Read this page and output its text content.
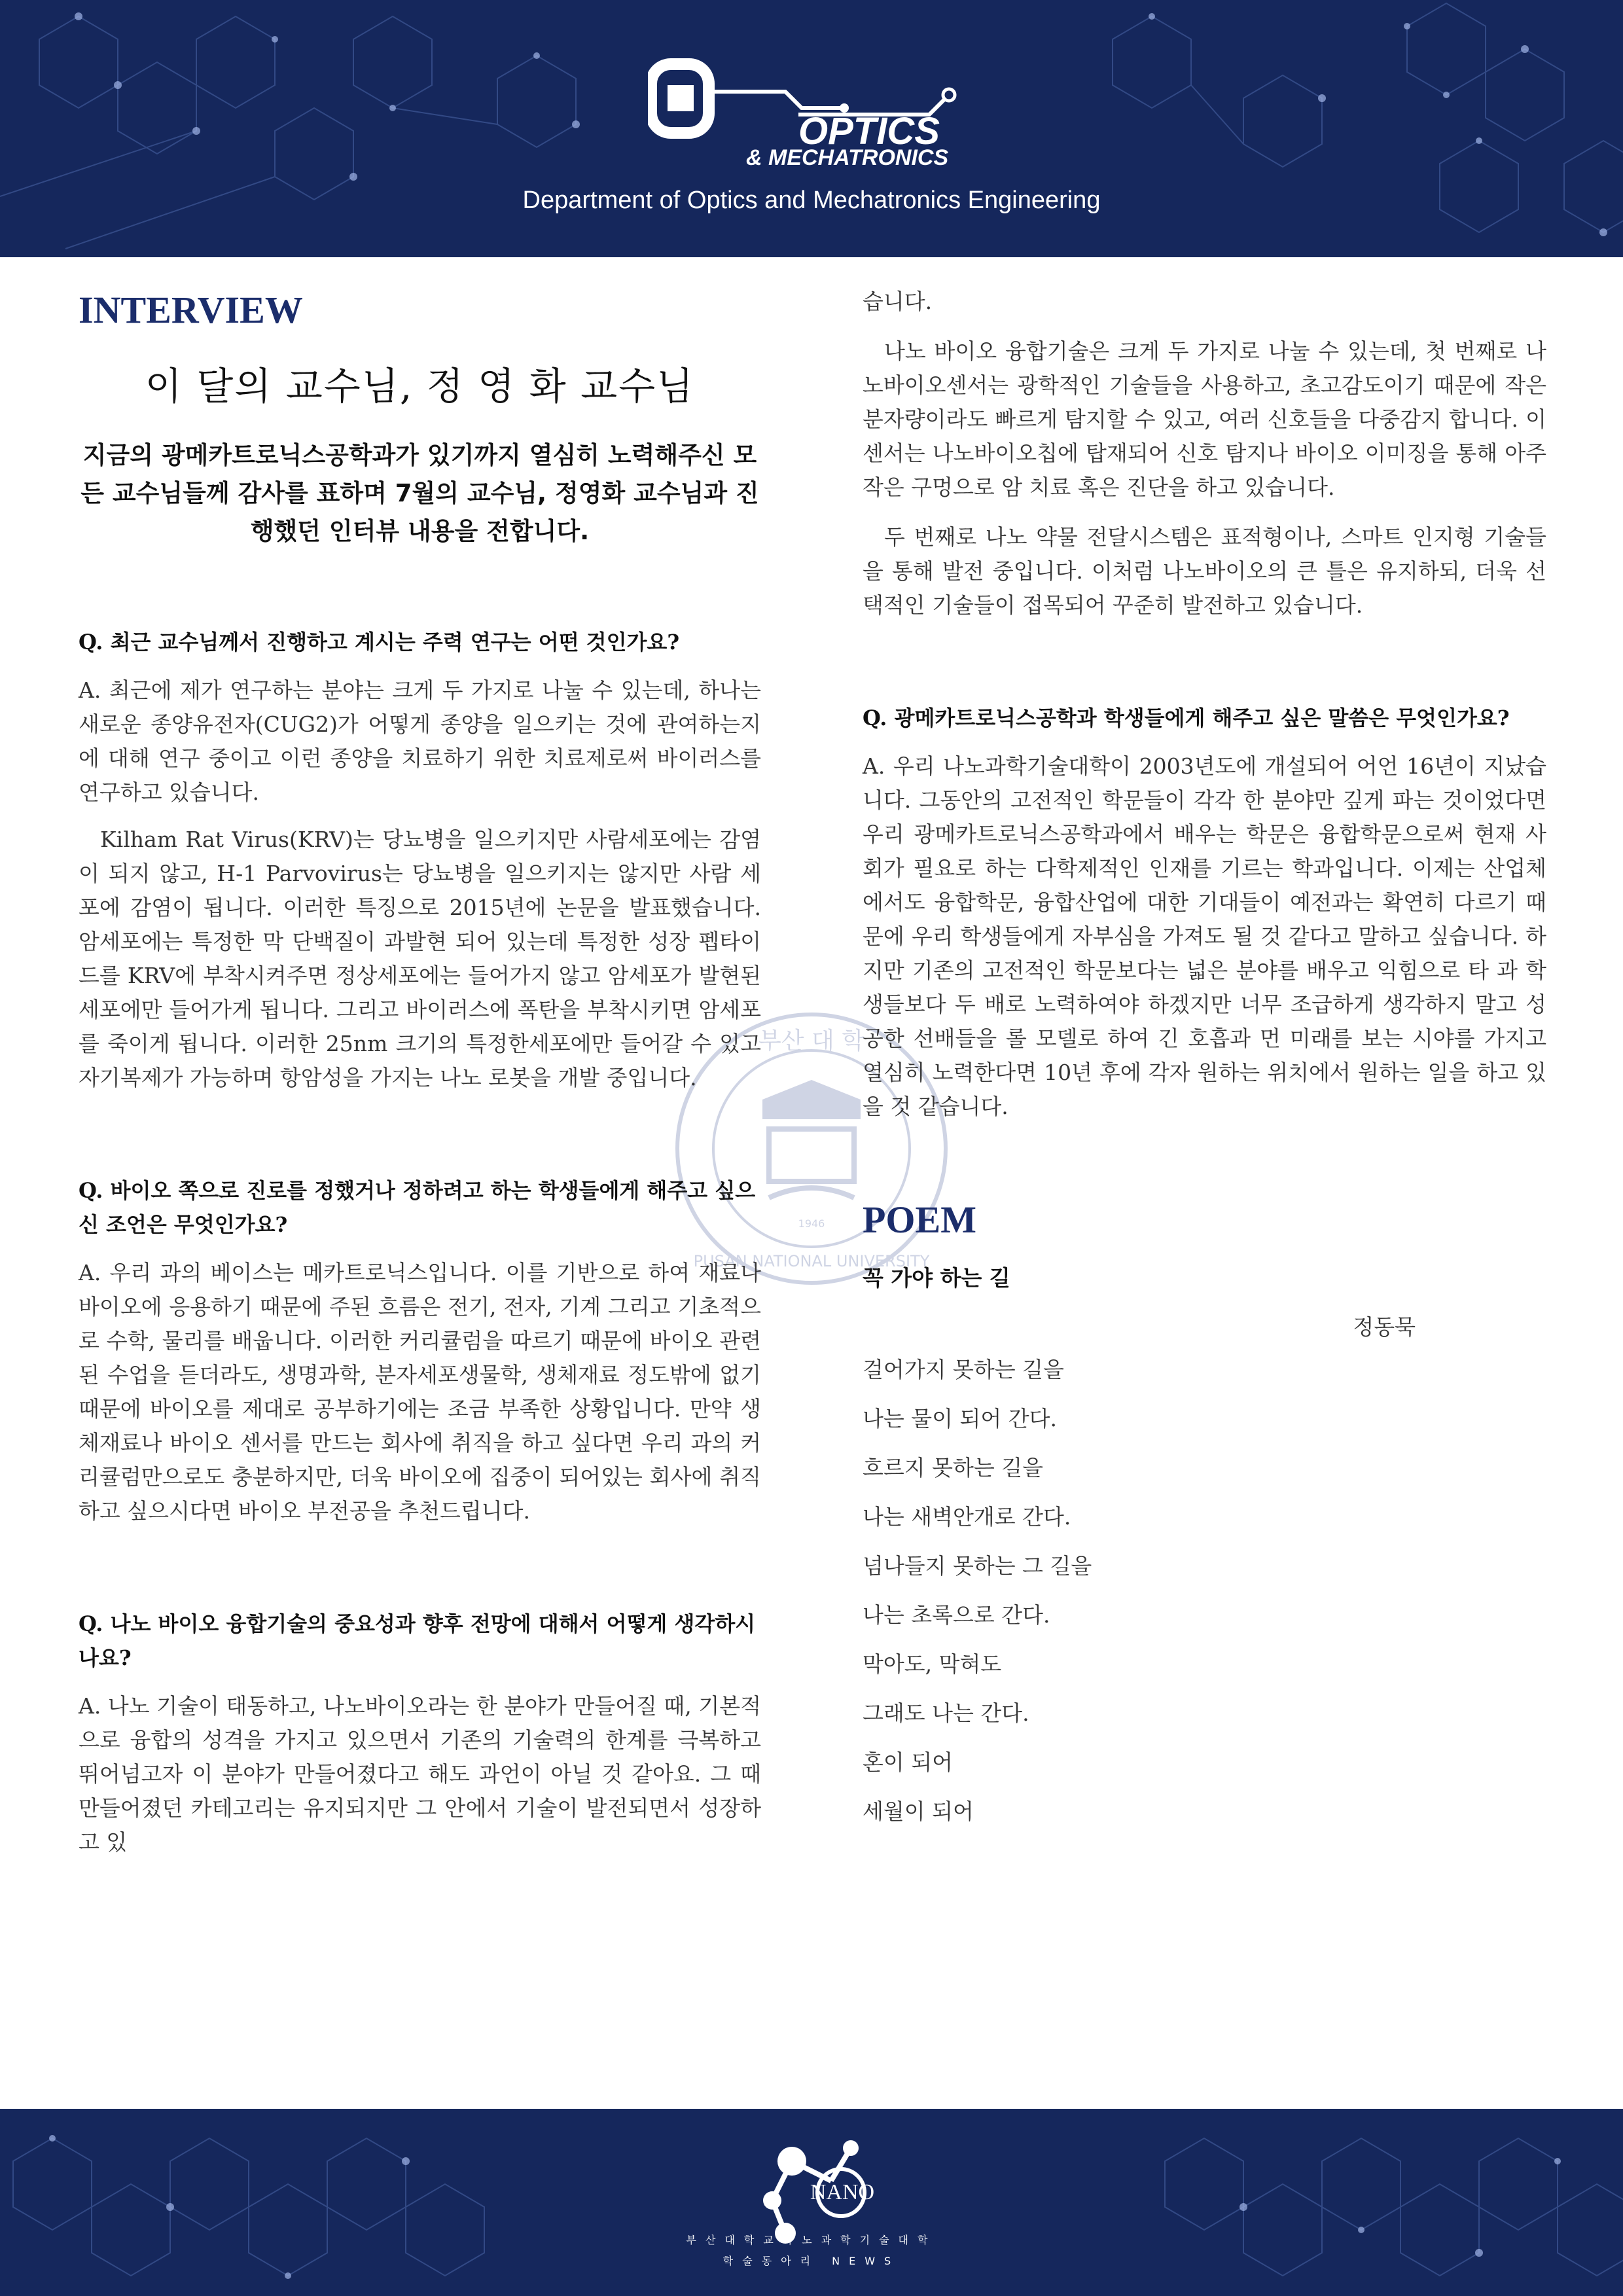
OPTICS
& MECHATRONICS
Department of Optics and Mechatronics Engineering
부산 대 학
PUSAN NATIONAL UNIVERSITY
1946
INTERVIEW
이 달의 교수님, 정 영 화 교수님
지금의 광메카트로닉스공학과가 있기까지 열심히 노력해주신 모든 교수님들께 감사를 표하며 7월의 교수님, 정영화 교수님과 진행했던 인터뷰 내용을 전합니다.

Q. 최근 교수님께서 진행하고 계시는 주력 연구는 어떤 것인가요?

A. 최근에 제가 연구하는 분야는 크게 두 가지로 나눌 수 있는데, 하나는 새로운 종양유전자(CUG2)가 어떻게 종양을 일으키는 것에 관여하는지에 대해 연구 중이고 이런 종양을 치료하기 위한 치료제로써 바이러스를 연구하고 있습니다.

Kilham Rat Virus(KRV)는 당뇨병을 일으키지만 사람세포에는 감염이 되지 않고, H-1 Parvovirus는 당뇨병을 일으키지는 않지만 사람 세포에 감염이 됩니다. 이러한 특징으로 2015년에 논문을 발표했습니다. 암세포에는 특정한 막 단백질이 과발현 되어 있는데 특정한 성장 펩타이드를 KRV에 부착시켜주면 정상세포에는 들어가지 않고 암세포가 발현된 세포에만 들어가게 됩니다. 그리고 바이러스에 폭탄을 부착시키면 암세포를 죽이게 됩니다. 이러한 25nm 크기의 특정한세포에만 들어갈 수 있고 자기복제가 가능하며 항암성을 가지는 나노 로봇을 개발 중입니다.

Q. 바이오 쪽으로 진로를 정했거나 정하려고 하는 학생들에게 해주고 싶으신 조언은 무엇인가요?

A. 우리 과의 베이스는 메카트로닉스입니다. 이를 기반으로 하여 재료나 바이오에 응용하기 때문에 주된 흐름은 전기, 전자, 기계 그리고 기초적으로 수학, 물리를 배웁니다. 이러한 커리큘럼을 따르기 때문에 바이오 관련된 수업을 듣더라도, 생명과학, 분자세포생물학, 생체재료 정도밖에 없기 때문에 바이오를 제대로 공부하기에는 조금 부족한 상황입니다. 만약 생체재료나 바이오 센서를 만드는 회사에 취직을 하고 싶다면 우리 과의 커리큘럼만으로도 충분하지만, 더욱 바이오에 집중이 되어있는 회사에 취직하고 싶으시다면 바이오 부전공을 추천드립니다.

Q. 나노 바이오 융합기술의 중요성과 향후 전망에 대해서 어떻게 생각하시나요?

A. 나노 기술이 태동하고, 나노바이오라는 한 분야가 만들어질 때, 기본적으로 융합의 성격을 가지고 있으면서 기존의 기술력의 한계를 극복하고 뛰어넘고자 이 분야가 만들어졌다고 해도 과언이 아닐 것 같아요. 그 때 만들어졌던 카테고리는 유지되지만 그 안에서 기술이 발전되면서 성장하고 있

습니다.

나노 바이오 융합기술은 크게 두 가지로 나눌 수 있는데, 첫 번째로 나노바이오센서는 광학적인 기술들을 사용하고, 초고감도이기 때문에 작은 분자량이라도 빠르게 탐지할 수 있고, 여러 신호들을 다중감지 합니다. 이 센서는 나노바이오칩에 탑재되어 신호 탐지나 바이오 이미징을 통해 아주 작은 구멍으로 암 치료 혹은 진단을 하고 있습니다.

두 번째로 나노 약물 전달시스템은 표적형이나, 스마트 인지형 기술들을 통해 발전 중입니다. 이처럼 나노바이오의 큰 틀은 유지하되, 더욱 선택적인 기술들이 접목되어 꾸준히 발전하고 있습니다.

Q. 광메카트로닉스공학과 학생들에게 해주고 싶은 말씀은 무엇인가요?

A. 우리 나노과학기술대학이 2003년도에 개설되어 어언 16년이 지났습니다. 그동안의 고전적인 학문들이 각각 한 분야만 깊게 파는 것이었다면 우리 광메카트로닉스공학과에서 배우는 학문은 융합학문으로써 현재 사회가 필요로 하는 다학제적인 인재를 기르는 학과입니다. 이제는 산업체에서도 융합학문, 융합산업에 대한 기대들이 예전과는 확연히 다르기 때문에 우리 학생들에게 자부심을 가져도 될 것 같다고 말하고 싶습니다. 하지만 기존의 고전적인 학문보다는 넓은 분야를 배우고 익힘으로 타 과 학생들보다 두 배로 노력하여야 하겠지만 너무 조급하게 생각하지 말고 성공한 선배들을 롤 모델로 하여 긴 호흡과 먼 미래를 보는 시야를 가지고 열심히 노력한다면 10년 후에 각자 원하는 위치에서 원하는 일을 하고 있을 것 같습니다.

POEM

꼭 가야 하는 길

정동묵

걸어가지 못하는 길을
나는 물이 되어 간다.
흐르지 못하는 길을
나는 새벽안개로 간다.
넘나들지 못하는 그 길을
나는 초록으로 간다.
막아도, 막혀도
그래도 나는 간다.
혼이 되어
세월이 되어
NANO
부산대학교나노과학기술대학
학술동아리 NEWS
